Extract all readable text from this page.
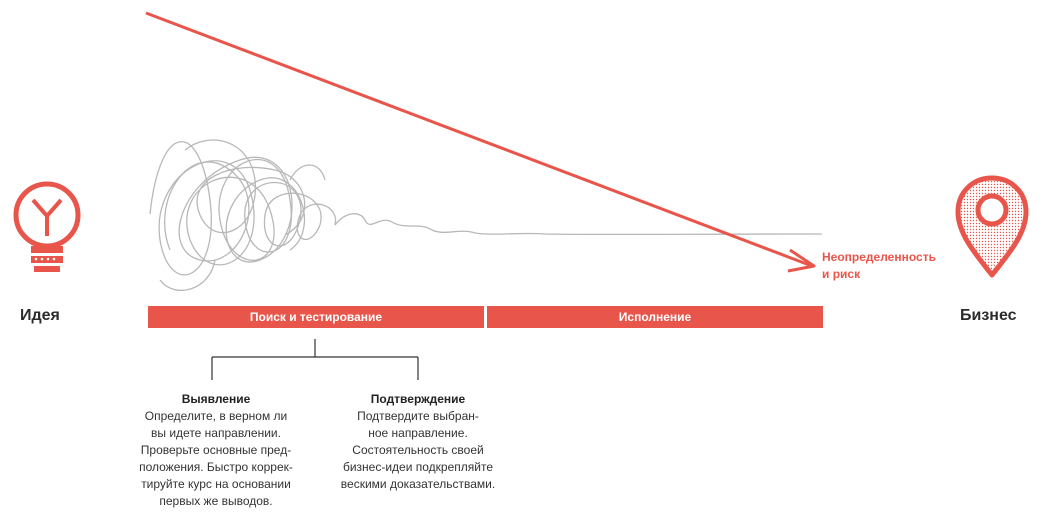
Идея	Бизнес
Неопределенность
и риск
Поиск и тестирование	Исполнение
Выявление
Определите, в верном ли
вы идете направлении.
Проверьте основные пред-
положения. Быстро коррек-
тируйте курс на основании
первых же выводов.
Подтверждение
Подтвердите выбран-
ное направление.
Состоятельность своей
бизнес-идеи подкрепляйте
вескими доказательствами.
